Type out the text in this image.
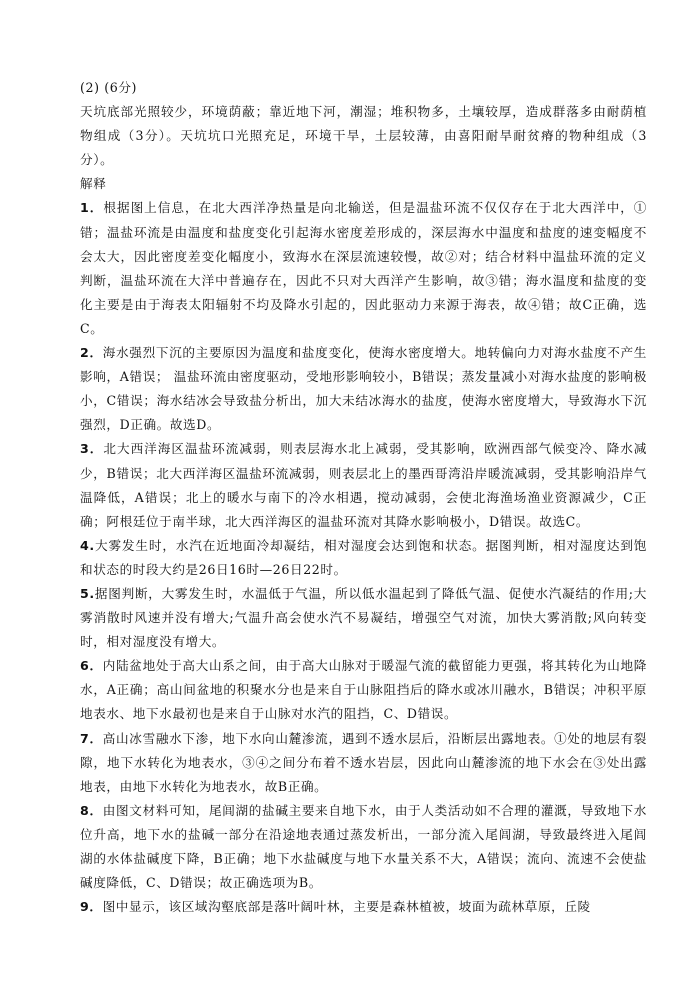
(2) (6分)

天坑底部光照较少，环境荫蔽；靠近地下河，潮湿；堆积物多，土壤较厚，造成群落多由耐荫植物组成（3分）。天坑坑口光照充足，环境干旱，土层较薄，由喜阳耐旱耐贫瘠的物种组成（3分）。

解释

1．根据图上信息，在北大西洋净热量是向北输送，但是温盐环流不仅仅存在于北大西洋中，①错；温盐环流是由温度和盐度变化引起海水密度差形成的，深层海水中温度和盐度的速变幅度不会太大，因此密度差变化幅度小，致海水在深层流速较慢，故②对；结合材料中温盐环流的定义判断，温盐环流在大洋中普遍存在，因此不只对大西洋产生影响，故③错；海水温度和盐度的变化主要是由于海表太阳辐射不均及降水引起的，因此驱动力来源于海表，故④错；故C正确，选C。

2．海水强烈下沉的主要原因为温度和盐度变化，使海水密度增大。地转偏向力对海水盐度不产生影响，A错误； 温盐环流由密度驱动，受地形影响较小，B错误；蒸发量减小对海水盐度的影响极小，C错误；海水结冰会导致盐分析出，加大未结冰海水的盐度，使海水密度增大，导致海水下沉强烈，D正确。故选D。

3．北大西洋海区温盐环流减弱，则表层海水北上减弱，受其影响，欧洲西部气候变冷、降水减少，B错误；北大西洋海区温盐环流减弱，则表层北上的墨西哥湾沿岸暖流减弱，受其影响沿岸气温降低，A错误；北上的暖水与南下的冷水相遇，搅动减弱，会使北海渔场渔业资源减少，C正确；阿根廷位于南半球，北大西洋海区的温盐环流对其降水影响极小，D错误。故选C。

4.大雾发生时，水汽在近地面冷却凝结，相对湿度会达到饱和状态。据图判断，相对湿度达到饱和状态的时段大约是26日16时—26日22时。

5.据图判断，大雾发生时，水温低于气温，所以低水温起到了降低气温、促使水汽凝结的作用;大雾消散时风速并没有增大;气温升高会使水汽不易凝结，增强空气对流，加快大雾消散;风向转变时，相对湿度没有增大。

6．内陆盆地处于高大山系之间，由于高大山脉对于暖湿气流的截留能力更强，将其转化为山地降水，A正确；高山间盆地的积聚水分也是来自于山脉阻挡后的降水或冰川融水，B错误；冲积平原地表水、地下水最初也是来自于山脉对水汽的阻挡，C、D错误。

7．高山冰雪融水下渗，地下水向山麓渗流，遇到不透水层后，沿断层出露地表。①处的地层有裂隙，地下水转化为地表水，③④之间分布着不透水岩层，因此向山麓渗流的地下水会在③处出露地表，由地下水转化为地表水，故B正确。

8．由图文材料可知，尾闾湖的盐碱主要来自地下水，由于人类活动如不合理的灌溉，导致地下水位升高，地下水的盐碱一部分在沿途地表通过蒸发析出，一部分流入尾闾湖，导致最终进入尾闾湖的水体盐碱度下降，B正确；地下水盐碱度与地下水量关系不大，A错误；流向、流速不会使盐碱度降低，C、D错误；故正确选项为B。

9．图中显示，该区域沟壑底部是落叶阔叶林，主要是森林植被，坡面为疏林草原，丘陵
